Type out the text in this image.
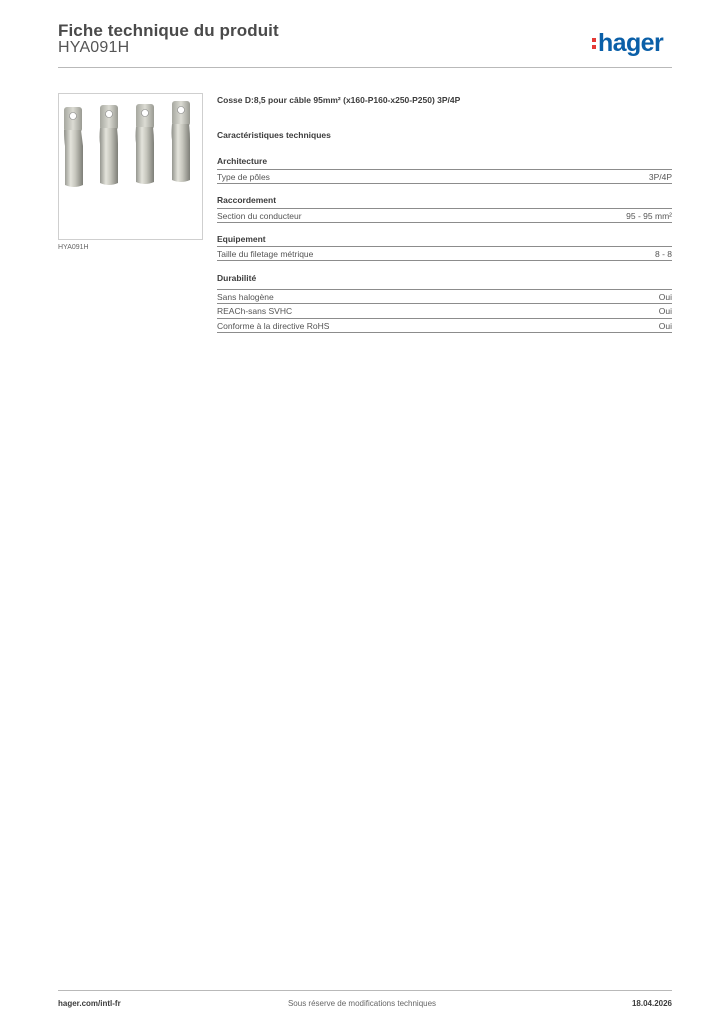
Fiche technique du produit
HYA091H	hager
HYA091H
Cosse D:8,5 pour câble 95mm² (x160-P160-x250-P250) 3P/4P
Caractéristiques techniques
Architecture
Type de pôles	3P/4P
Raccordement
Section du conducteur	95 - 95 mm²
Equipement
Taille du filetage métrique	8 - 8
Durabilité
Sans halogène	Oui
REACh-sans SVHC	Oui
Conforme à la directive RoHS	Oui
hager.com/intl-fr	Sous réserve de modifications techniques	18.04.2026
